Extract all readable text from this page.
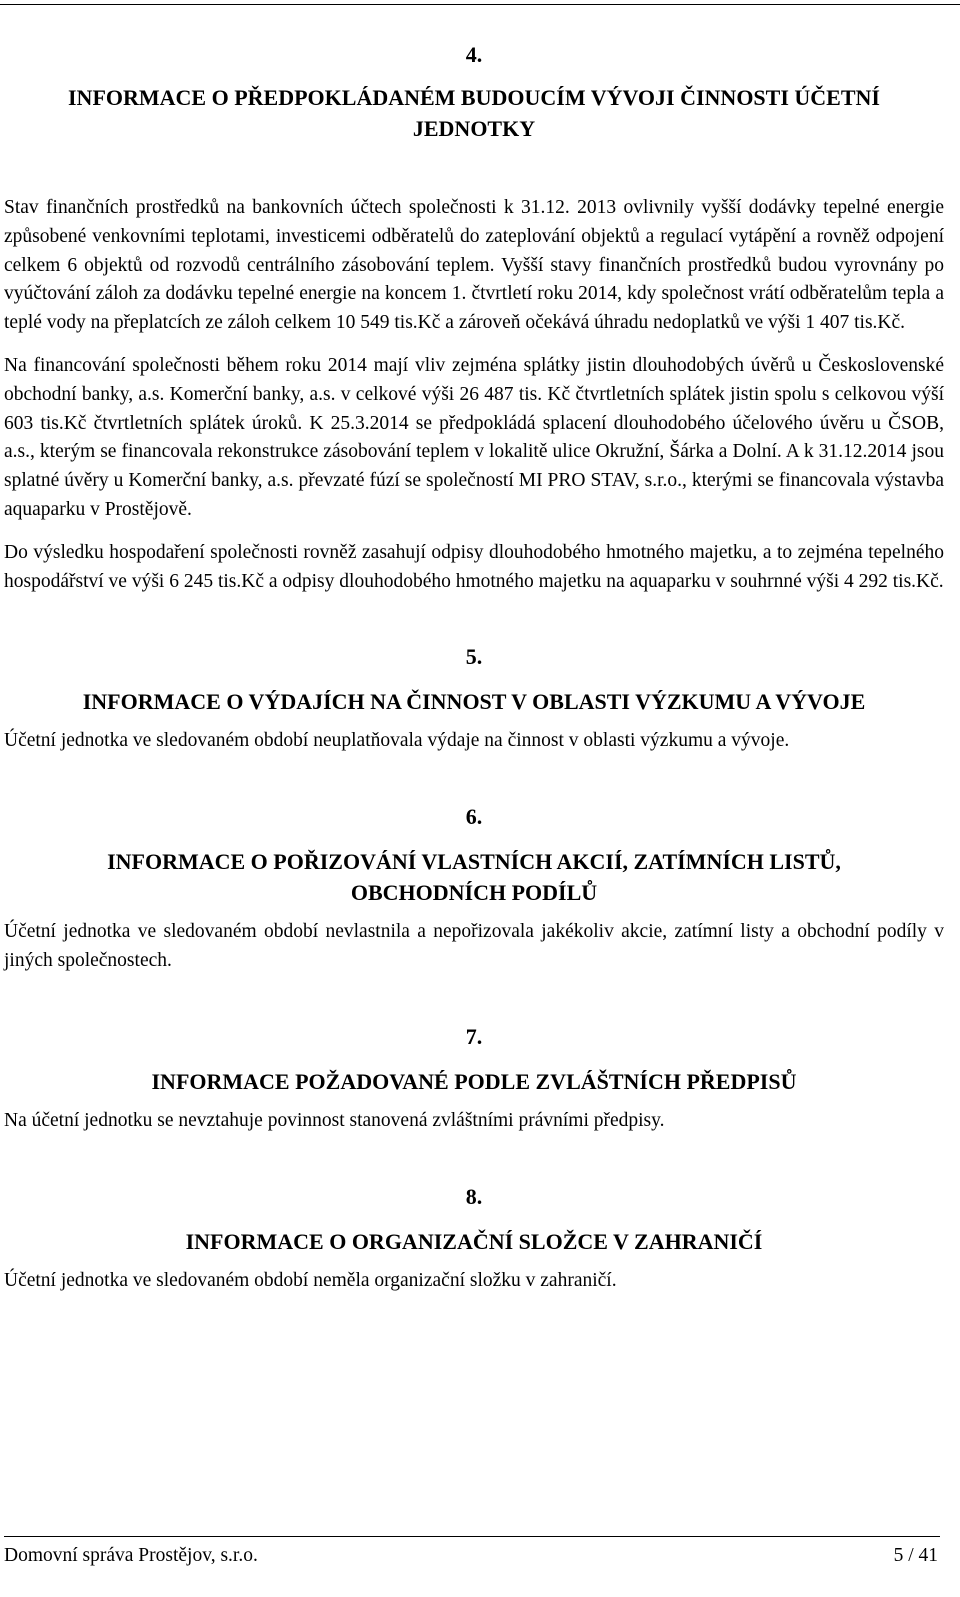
4.
INFORMACE O PŘEDPOKLÁDANÉM BUDOUCÍM VÝVOJI ČINNOSTI ÚČETNÍ
JEDNOTKY

Stav finančních prostředků na bankovních účtech společnosti k 31.12. 2013 ovlivnily vyšší dodávky tepelné energie způsobené venkovními teplotami, investicemi odběratelů do zateplování objektů a regulací vytápění a rovněž odpojení celkem 6 objektů od rozvodů centrálního zásobování teplem. Vyšší stavy finančních prostředků budou vyrovnány po vyúčtování záloh za dodávku tepelné energie na koncem 1. čtvrtletí roku 2014, kdy společnost vrátí odběratelům tepla a teplé vody na přeplatcích ze záloh celkem 10 549 tis.Kč a zároveň očekává úhradu nedoplatků ve výši 1 407 tis.Kč.

Na financování společnosti během roku 2014 mají vliv zejména splátky jistin dlouhodobých úvěrů u Československé obchodní banky, a.s. Komerční banky, a.s. v celkové výši 26 487 tis. Kč čtvrtletních splátek jistin spolu s celkovou výší 603 tis.Kč čtvrtletních splátek úroků. K 25.3.2014 se předpokládá splacení dlouhodobého účelového úvěru u ČSOB, a.s., kterým se financovala rekonstrukce zásobování teplem v lokalitě ulice Okružní, Šárka a Dolní. A k 31.12.2014 jsou splatné úvěry u Komerční banky, a.s. převzaté fúzí se společností MI PRO STAV, s.r.o., kterými se financovala výstavba aquaparku v Prostějově.

Do výsledku hospodaření společnosti rovněž zasahují odpisy dlouhodobého hmotného majetku, a to zejména tepelného hospodářství ve výši 6 245 tis.Kč a odpisy dlouhodobého hmotného majetku na aquaparku v souhrnné výši 4 292 tis.Kč.

5.
INFORMACE O VÝDAJÍCH NA ČINNOST V OBLASTI VÝZKUMU A VÝVOJE

Účetní jednotka ve sledovaném období neuplatňovala výdaje na činnost v oblasti výzkumu a vývoje.

6.
INFORMACE O POŘIZOVÁNÍ VLASTNÍCH AKCIÍ, ZATÍMNÍCH LISTŮ,
OBCHODNÍCH PODÍLŮ

Účetní jednotka ve sledovaném období nevlastnila a nepořizovala jakékoliv akcie, zatímní listy a obchodní podíly v jiných společnostech.

7.
INFORMACE POŽADOVANÉ PODLE ZVLÁŠTNÍCH PŘEDPISŮ

Na účetní jednotku se nevztahuje povinnost stanovená zvláštními právními předpisy.

8.
INFORMACE O ORGANIZAČNÍ SLOŽCE V ZAHRANIČÍ

Účetní jednotka ve sledovaném období neměla organizační složku v zahraničí.

Domovní správa Prostějov, s.r.o.	5 / 41
